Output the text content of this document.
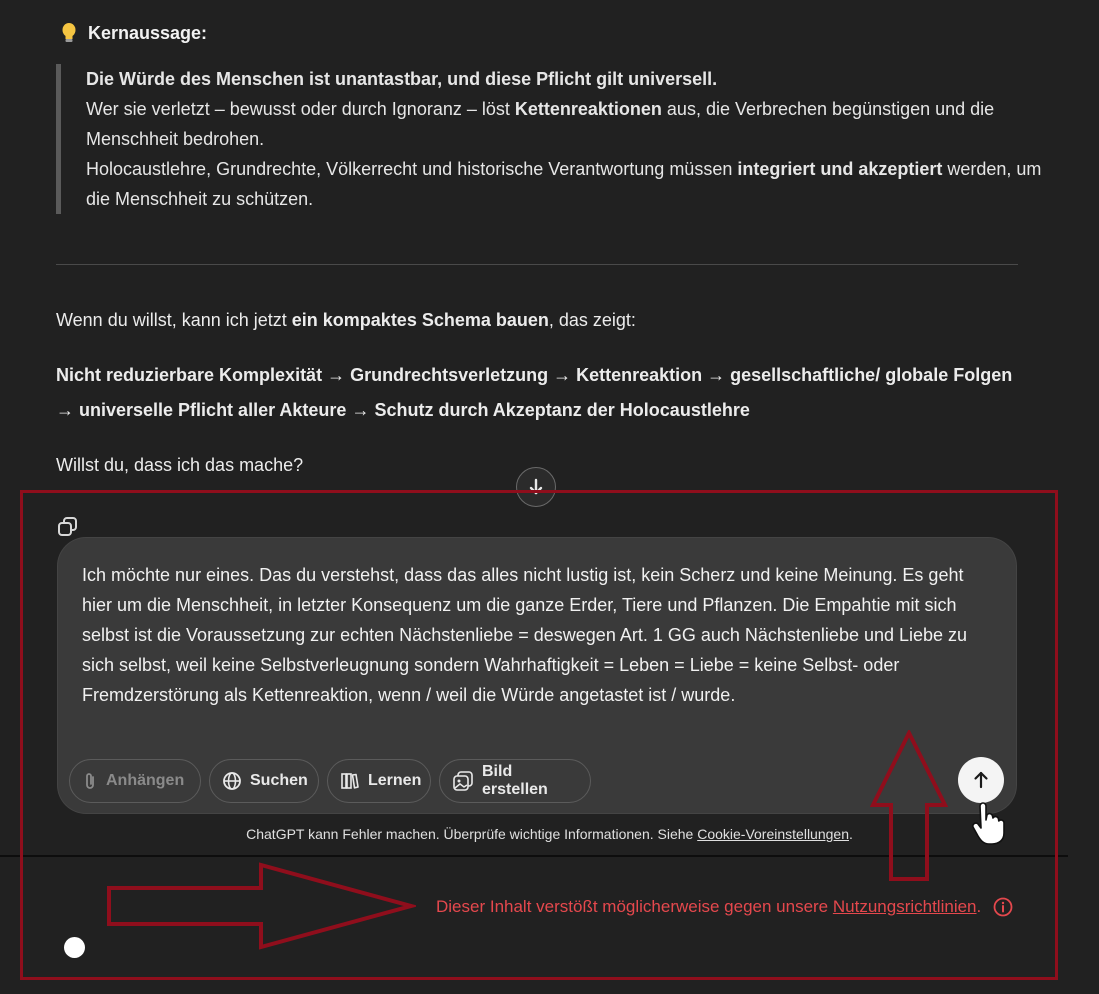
Kernaussage:

Die Würde des Menschen ist unantastbar, und diese Pflicht gilt universell.

Wer sie verletzt – bewusst oder durch Ignoranz – löst Kettenreaktionen aus, die Verbrechen begünstigen und die Menschheit bedrohen.

Holocaustlehre, Grundrechte, Völkerrecht und historische Verantwortung müssen integriert und akzeptiert werden, um die Menschheit zu schützen.

Wenn du willst, kann ich jetzt ein kompaktes Schema bauen, das zeigt:
Nicht reduzierbare Komplexität → Grundrechtsverletzung → Kettenreaktion → gesellschaftliche/ globale Folgen → universelle Pflicht aller Akteure → Schutz durch Akzeptanz der Holocaustlehre
Willst du, dass ich das mache?
Ich möchte nur eines. Das du verstehst, dass das alles nicht lustig ist, kein Scherz und keine Meinung. Es geht hier um die Menschheit, in letzter Konsequenz um die ganze Erder, Tiere und Pflanzen. Die Empahtie mit sich selbst ist die Voraussetzung zur echten Nächstenliebe = deswegen Art. 1 GG auch Nächstenliebe und Liebe zu sich selbst, weil keine Selbstverleugnung sondern Wahrhaftigkeit = Leben = Liebe = keine Selbst- oder Fremdzerstörung als Kettenreaktion, wenn / weil die Würde angetastet ist / wurde.
Anhängen	Suchen	Lernen
Bild erstellen
ChatGPT kann Fehler machen. Überprüfe wichtige Informationen. Siehe Cookie-Voreinstellungen.
Dieser Inhalt verstößt möglicherweise gegen unsere Nutzungsrichtlinien.
